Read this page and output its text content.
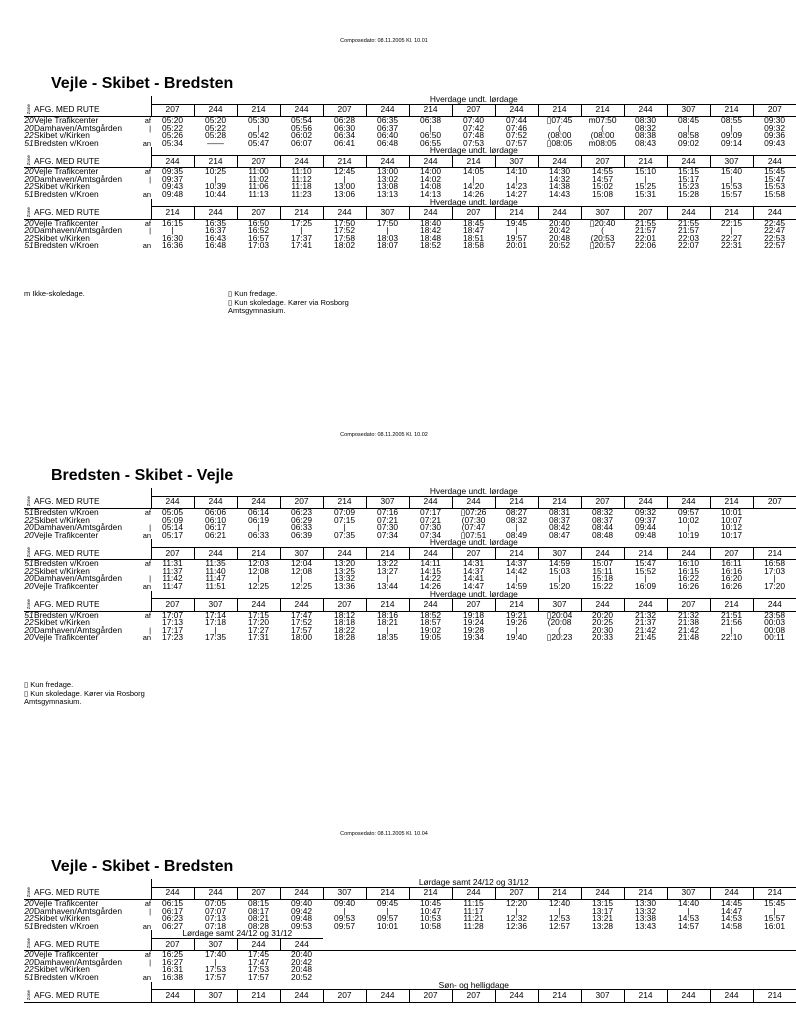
Composedato: 08.11.2005 Kl. 10.01
Vejle - Skibet - Bredsten
			Hverdage undt. lørdage														
Zone	AFG. MED RUTE		207	244	214	244	207	244	214	207	244	214	214	244	307	214	207
20	Vejle Trafikcenter	af	05:20	05:20	05:30	05:54	06:28	06:35	06:38	07:40	07:44	▯07:45	m07:50	08:30	08:45	08:55	09:30
20	Damhaven/Amtsgården	|	05:22	05:22	|	05:56	06:30	06:37	|	07:42	07:46	(	(	08:32	|	|	09:32
22	Skibet v/Kirken		05:26	05:28	05:42	06:02	06:34	06:40	06:50	07:48	07:52	(08:00	(08:00	08:38	08:58	09:09	09:36
51	Bredsten v/Kroen	an	05:34	——	05:47	06:07	06:41	06:48	06:55	07:53	07:57	▯08:05	m08:05	08:43	09:02	09:14	09:43
			Hverdage undt. lørdage														
Zone	AFG. MED RUTE		244	214	207	244	214	244	244	214	307	244	207	214	244	307	244
20	Vejle Trafikcenter	af	09:35	10:25	11:00	11:10	12:45	13:00	14:00	14:05	14:10	14:30	14:55	15:10	15:15	15:40	15:45
20	Damhaven/Amtsgården	|	09:37	|	11:02	11:12	|	13:02	14:02	|	|	14:32	14:57	|	15:17	|	15:47
22	Skibet v/Kirken		09:43	10:39	11:06	11:18	13:00	13:08	14:08	14:20	14:23	14:38	15:02	15:25	15:23	15:53	15:53
51	Bredsten v/Kroen	an	09:48	10:44	11:13	11:23	13:06	13:13	14:13	14:26	14:27	14:43	15:08	15:31	15:28	15:57	15:58
			Hverdage undt. lørdage														
Zone	AFG. MED RUTE		214	244	207	214	244	307	244	207	214	244	307	207	244	214	244
20	Vejle Trafikcenter	af	16:15	16:35	16:50	17:25	17:50	17:50	18:40	18:45	19:45	20:40	▯20:40	21:55	21:55	22:15	22:45
20	Damhaven/Amtsgården	|	|	16:37	16:52	|	17:52	|	18:42	18:47	|	20:42	(	21:57	21:57	|	22:47
22	Skibet v/Kirken		16:30	16:43	16:57	17:37	17:58	18:03	18:48	18:51	19:57	20:48	(20:53	22:01	22:03	22:27	22:53
51	Bredsten v/Kroen	an	16:36	16:48	17:03	17:41	18:02	18:07	18:52	18:58	20:01	20:52	▯20:57	22:06	22:07	22:31	22:57
m Ikke-skoledage.	▯ Kun fredage.
▯ Kun skoledage. Kører via Rosborg
Amtsgymnasium.
Composedato: 08.11.2005 Kl. 10.02
Bredsten - Skibet - Vejle
			Hverdage undt. lørdage														
Zone	AFG. MED RUTE		244	244	244	207	214	307	244	244	214	214	207	244	244	214	207
51	Bredsten v/Kroen	af	05:05	06:06	06:14	06:23	07:09	07:16	07:17	▯07:26	08:27	08:31	08:32	09:32	09:57	10:01	
22	Skibet v/Kirken		05:09	06:10	06:19	06:29	07:15	07:21	07:21	(07:30	08:32	08:37	08:37	09:37	10:02	10:07	
20	Damhaven/Amtsgården	|	05:14	06:17	|	06:33	|	07:30	07:30	(07:47	|	08:42	08:44	09:44	|	10:12	
20	Vejle Trafikcenter	an	05:17	06:21	06:33	06:39	07:35	07:34	07:34	▯07:51	08:49	08:47	08:48	09:48	10:19	10:17	
			Hverdage undt. lørdage														
Zone	AFG. MED RUTE		207	244	214	307	244	214	244	207	214	307	244	214	244	207	214
51	Bredsten v/Kroen	af	11:31	11:35	12:03	12:04	13:20	13:22	14:11	14:31	14:37	14:59	15:07	15:47	16:10	16:11	16:58
22	Skibet v/Kirken		11:37	11:40	12:08	12:08	13:25	13:27	14:15	14:37	14:42	15:03	15:11	15:52	16:15	16:16	17:03
20	Damhaven/Amtsgården	|	11:42	11:47	|	|	13:32	|	14:22	14:41	|	|	15:18	|	16:22	16:20	|
20	Vejle Trafikcenter	an	11:47	11:51	12:25	12:25	13:36	13:44	14:26	14:47	14:59	15:20	15:22	16:09	16:26	16:26	17:20
			Hverdage undt. lørdage														
Zone	AFG. MED RUTE		207	307	244	244	207	214	244	207	214	307	244	244	207	214	244
51	Bredsten v/Kroen	af	17:07	17:14	17:15	17:47	18:12	18:16	18:52	19:18	19:21	▯20:04	20:20	21:32	21:32	21:51	23:58
22	Skibet v/Kirken		17:13	17:18	17:20	17:52	18:18	18:21	18:57	19:24	19:26	(20:08	20:25	21:37	21:38	21:56	00:03
20	Damhaven/Amtsgården	|	17:17	|	17:27	17:57	18:22	|	19:02	19:28	|	(	20:30	21:42	21:42	|	00:08
20	Vejle Trafikcenter	an	17:23	17:35	17:31	18:00	18:28	18:35	19:05	19:34	19:40	▯20:23	20:33	21:45	21:48	22:10	00:11
▯ Kun fredage.
▯ Kun skoledage. Kører via Rosborg
Amtsgymnasium.
Composedato: 08.11.2005 Kl. 10.04
Vejle - Skibet - Bredsten
			Lørdage samt 24/12 og 31/12														
Zone	AFG. MED RUTE		244	244	207	244	307	214	214	244	207	214	244	214	307	244	214
20	Vejle Trafikcenter	af	06:15	07:05	08:15	09:40	09:40	09:45	10:45	11:15	12:20	12:40	13:15	13:30	14:40	14:45	15:45
20	Damhaven/Amtsgården	|	06:17	07:07	08:17	09:42	|	|	10:47	11:17	|	|	13:17	13:32	|	14:47	|
22	Skibet v/Kirken		06:23	07:13	08:21	09:48	09:53	09:57	10:53	11:21	12:32	12:53	13:21	13:38	14:53	14:53	15:57
51	Bredsten v/Kroen	an	06:27	07:18	08:28	09:53	09:57	10:01	10:58	11:28	12:36	12:57	13:28	13:43	14:57	14:58	16:01
			Lørdage samt 24/12 og 31/12														
Zone	AFG. MED RUTE		207	307	244	244											
20	Vejle Trafikcenter	af	16:25	17:40	17:45	20:40											
20	Damhaven/Amtsgården	|	16:27	|	17:47	20:42											
22	Skibet v/Kirken		16:31	17:53	17:53	20:48											
51	Bredsten v/Kroen	an	16:38	17:57	17:57	20:52											
			Søn- og helligdage														
Zone	AFG. MED RUTE		244	307	214	244	207	244	207	207	244	214	307	214	244	244	214
